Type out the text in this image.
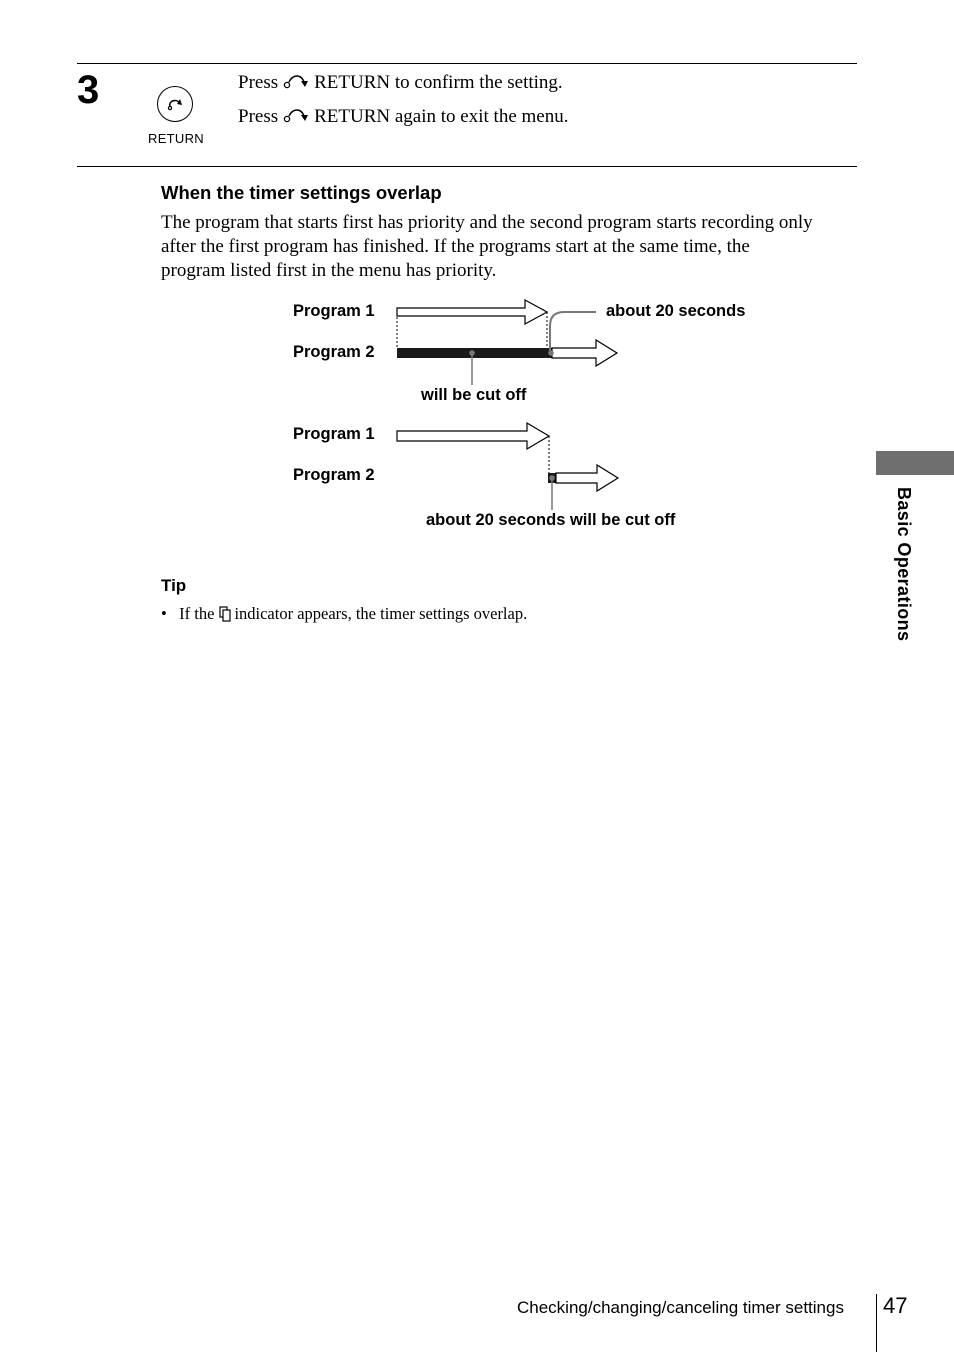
3
RETURN
Press RETURN to confirm the setting.
Press RETURN again to exit the menu.
When the timer settings overlap
The program that starts first has priority and the second program starts recording only
after the first program has finished. If the programs start at the same time, the
program listed first in the menu has priority.
Program 1
Program 2
about 20 seconds
will be cut off
Program 1
Program 2
about 20 seconds will be cut off
Tip
• If the indicator appears, the timer settings overlap.	Basic Operations
Checking/changing/canceling timer settings 47
